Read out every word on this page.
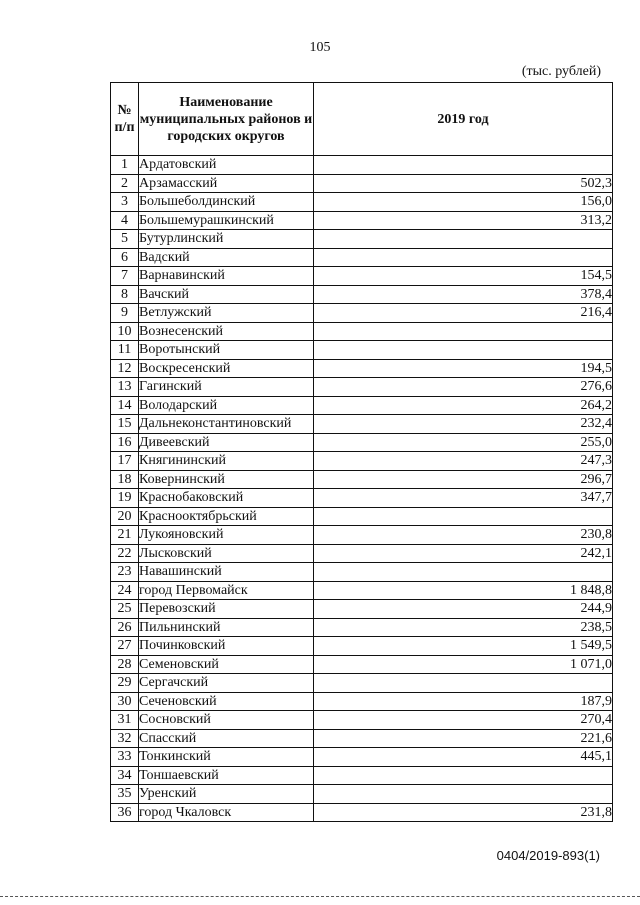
105
(тыс. рублей)
№ п/п	Наименование муниципальных районов и городских округов	2019 год
1	Ардатовский	
2	Арзамасский	502,3
3	Большеболдинский	156,0
4	Большемурашкинский	313,2
5	Бутурлинский	
6	Вадский	
7	Варнавинский	154,5
8	Вачский	378,4
9	Ветлужский	216,4
10	Вознесенский	
11	Воротынский	
12	Воскресенский	194,5
13	Гагинский	276,6
14	Володарский	264,2
15	Дальнеконстантиновский	232,4
16	Дивеевский	255,0
17	Княгининский	247,3
18	Ковернинский	296,7
19	Краснобаковский	347,7
20	Краснооктябрьский	
21	Лукояновский	230,8
22	Лысковский	242,1
23	Навашинский	
24	город Первомайск	1 848,8
25	Перевозский	244,9
26	Пильнинский	238,5
27	Починковский	1 549,5
28	Семеновский	1 071,0
29	Сергачский	
30	Сеченовский	187,9
31	Сосновский	270,4
32	Спасский	221,6
33	Тонкинский	445,1
34	Тоншаевский	
35	Уренский	
36	город Чкаловск	231,8
0404/2019-893(1)
